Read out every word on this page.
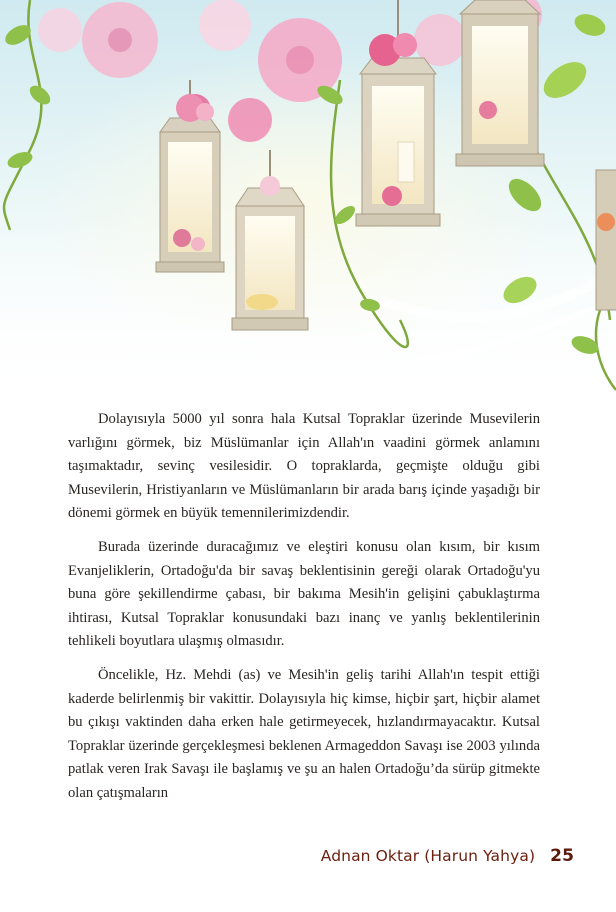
Dolayısıyla 5000 yıl sonra hala Kutsal Topraklar üzerinde Musevilerin varlığını görmek, biz Müslümanlar için Allah'ın vaadini görmek anlamını taşımaktadır, sevinç vesilesidir. O topraklarda, geçmişte olduğu gibi Musevilerin, Hristiyanların ve Müslümanların bir arada barış içinde yaşadığı bir dönemi görmek en büyük temennilerimizdendir.

Burada üzerinde duracağımız ve eleştiri konusu olan kısım, bir kısım Evanjeliklerin, Ortadoğu'da bir savaş beklentisinin gereği olarak Ortadoğu'yu buna göre şekillendirme çabası, bir bakıma Mesih'in gelişini çabuklaştırma ihtirası, Kutsal Topraklar konusundaki bazı inanç ve yanlış beklentilerinin tehlikeli boyutlara ulaşmış olmasıdır.

Öncelikle, Hz. Mehdi (as) ve Mesih'in geliş tarihi Allah'ın tespit ettiği kaderde belirlenmiş bir vakittir. Dolayısıyla hiç kimse, hiçbir şart, hiçbir alamet bu çıkışı vaktinden daha erken hale getirmeyecek, hızlandırmayacaktır. Kutsal Topraklar üzerinde gerçekleşmesi beklenen Armageddon Savaşı ise 2003 yılında patlak veren Irak Savaşı ile başlamış ve şu an halen Ortadoğu’da sürüp gitmekte olan çatışmaların

Adnan Oktar (Harun Yahya) 25
